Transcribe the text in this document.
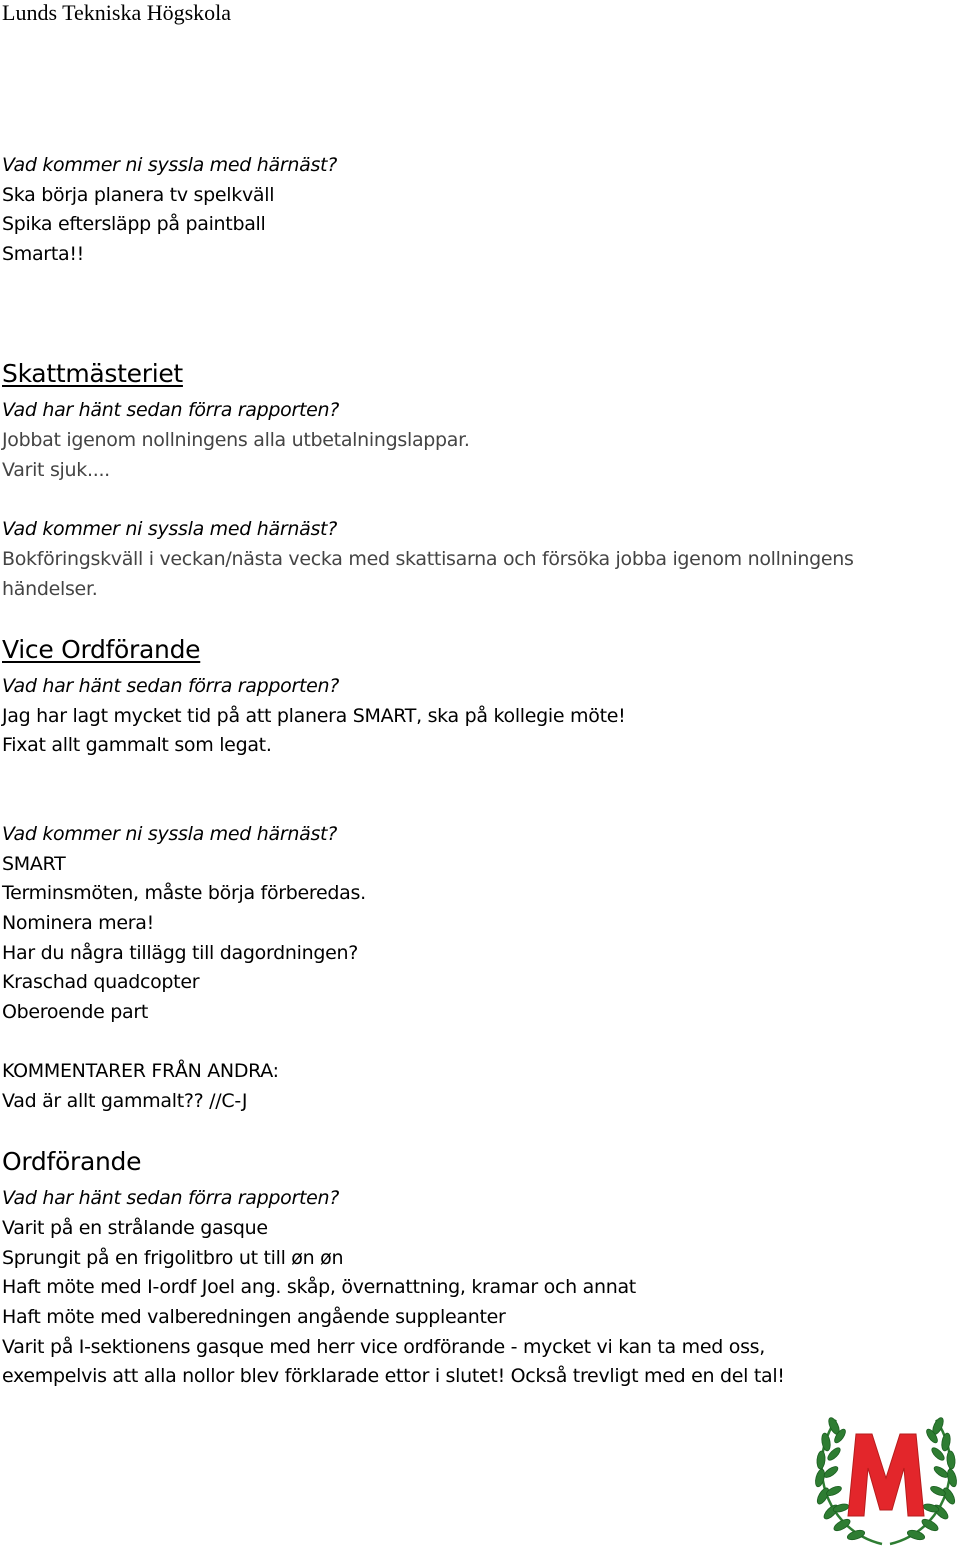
Lunds Tekniska Högskola
Vad kommer ni syssla med härnäst?
Ska börja planera tv spelkväll
Spika eftersläpp på paintball
Smarta!!
Skattmästeriet
Vad har hänt sedan förra rapporten?
Jobbat igenom nollningens alla utbetalningslappar.
Varit sjuk....
Vad kommer ni syssla med härnäst?
Bokföringskväll i veckan/nästa vecka med skattisarna och försöka jobba igenom nollningens
händelser.
Vice Ordförande
Vad har hänt sedan förra rapporten?
Jag har lagt mycket tid på att planera SMART, ska på kollegie möte!
Fixat allt gammalt som legat.
Vad kommer ni syssla med härnäst?
SMART
Terminsmöten, måste börja förberedas.
Nominera mera!
Har du några tillägg till dagordningen?
Kraschad quadcopter
Oberoende part
KOMMENTARER FRÅN ANDRA:
Vad är allt gammalt?? //C-J
Ordförande
Vad har hänt sedan förra rapporten?
Varit på en strålande gasque
Sprungit på en frigolitbro ut till øn øn
Haft möte med I-ordf Joel ang. skåp, övernattning, kramar och annat
Haft möte med valberedningen angående suppleanter
Varit på I-sektionens gasque med herr vice ordförande - mycket vi kan ta med oss,
exempelvis att alla nollor blev förklarade ettor i slutet! Också trevligt med en del tal!
